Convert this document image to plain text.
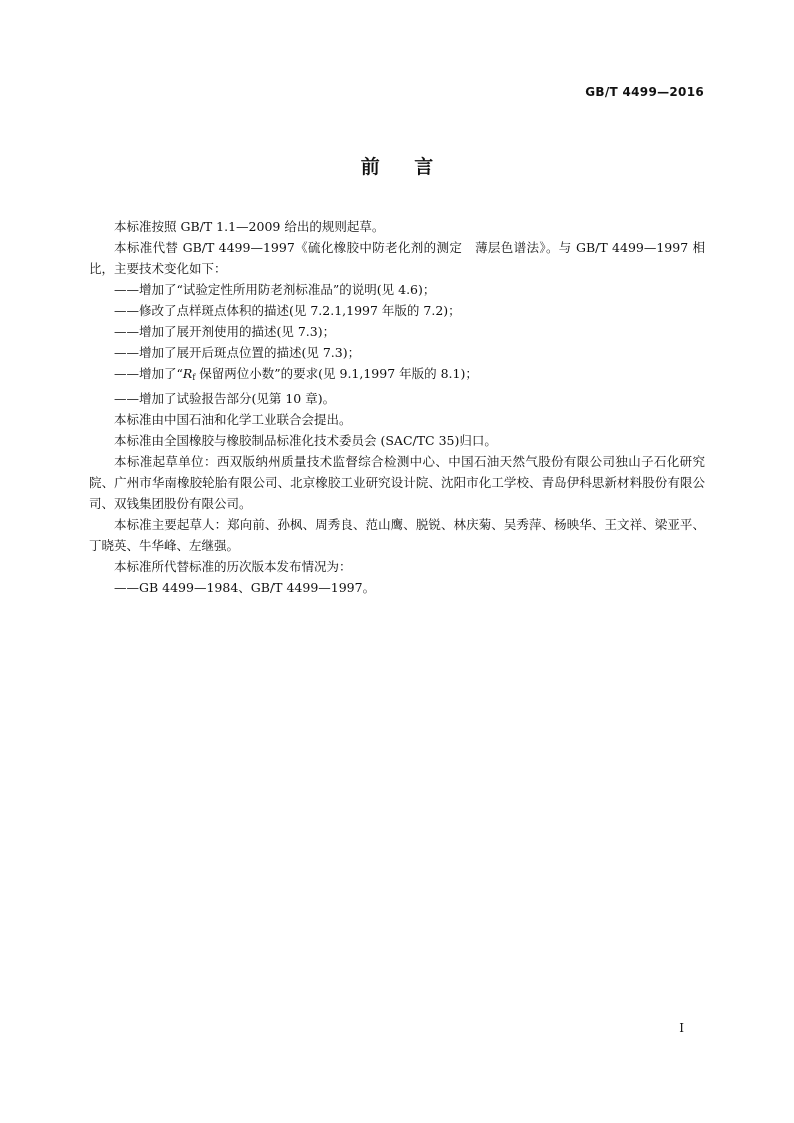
GB/T 4499—2016
前 言

本标准按照 GB/T 1.1—2009 给出的规则起草。

本标准代替 GB/T 4499—1997《硫化橡胶中防老化剂的测定　薄层色谱法》。与 GB/T 4499—1997 相比，主要技术变化如下：

——增加了“试验定性所用防老剂标准品”的说明(见 4.6)；

——修改了点样斑点体积的描述(见 7.2.1,1997 年版的 7.2)；

——增加了展开剂使用的描述(见 7.3)；

——增加了展开后斑点位置的描述(见 7.3)；

——增加了“$R_f$ 保留两位小数”的要求(见 9.1,1997 年版的 8.1)；

——增加了试验报告部分(见第 10 章)。

本标准由中国石油和化学工业联合会提出。

本标准由全国橡胶与橡胶制品标准化技术委员会 (SAC/TC 35)归口。

本标准起草单位：西双版纳州质量技术监督综合检测中心、中国石油天然气股份有限公司独山子石化研究院、广州市华南橡胶轮胎有限公司、北京橡胶工业研究设计院、沈阳市化工学校、青岛伊科思新材料股份有限公司、双钱集团股份有限公司。

本标准主要起草人：郑向前、孙枫、周秀良、范山鹰、脱锐、林庆菊、吴秀萍、杨映华、王文祥、梁亚平、丁晓英、牛华峰、左继强。

本标准所代替标准的历次版本发布情况为：

——GB 4499—1984、GB/T 4499—1997。

I
